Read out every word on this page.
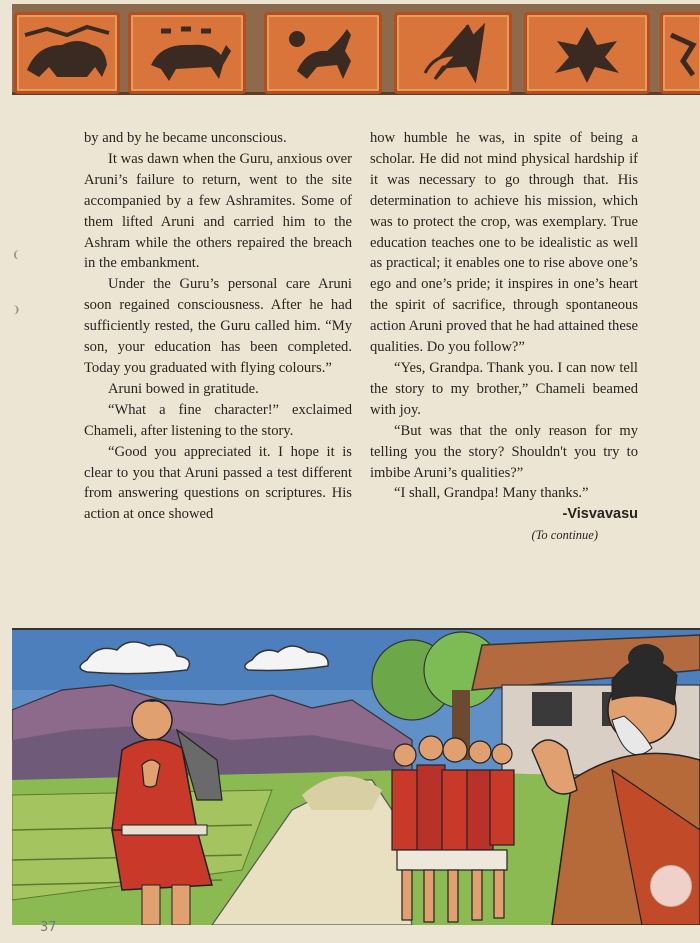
❨
❩

by and by he became unconscious.

It was dawn when the Guru, anxious over Aruni’s failure to return, went to the site accompanied by a few Ashramites. Some of them lifted Aruni and carried him to the Ashram while the others repaired the breach in the embankment.

Under the Guru’s personal care Aruni soon regained consciousness. After he had sufficiently rested, the Guru called him. “My son, your education has been completed. Today you graduated with flying colours.”

Aruni bowed in gratitude.

“What a fine character!” exclaimed Chameli, after listening to the story.

“Good you appreciated it. I hope it is clear to you that Aruni passed a test different from answering questions on scriptures. His action at once showed

how humble he was, in spite of being a scholar. He did not mind physical hardship if it was necessary to go through that. His determination to achieve his mission, which was to protect the crop, was exemplary. True education teaches one to be idealistic as well as practical; it enables one to rise above one’s ego and one’s pride; it inspires in one’s heart the spirit of sacrifice, through spontaneous action Aruni proved that he had attained these qualities. Do you follow?”

“Yes, Grandpa. Thank you. I can now tell the story to my brother,” Chameli beamed with joy.

“But was that the only reason for my telling you the story? Shouldn't you try to imbibe Aruni’s qualities?”

“I shall, Grandpa! Many thanks.”

-Visvavasu

(To continue)

37
